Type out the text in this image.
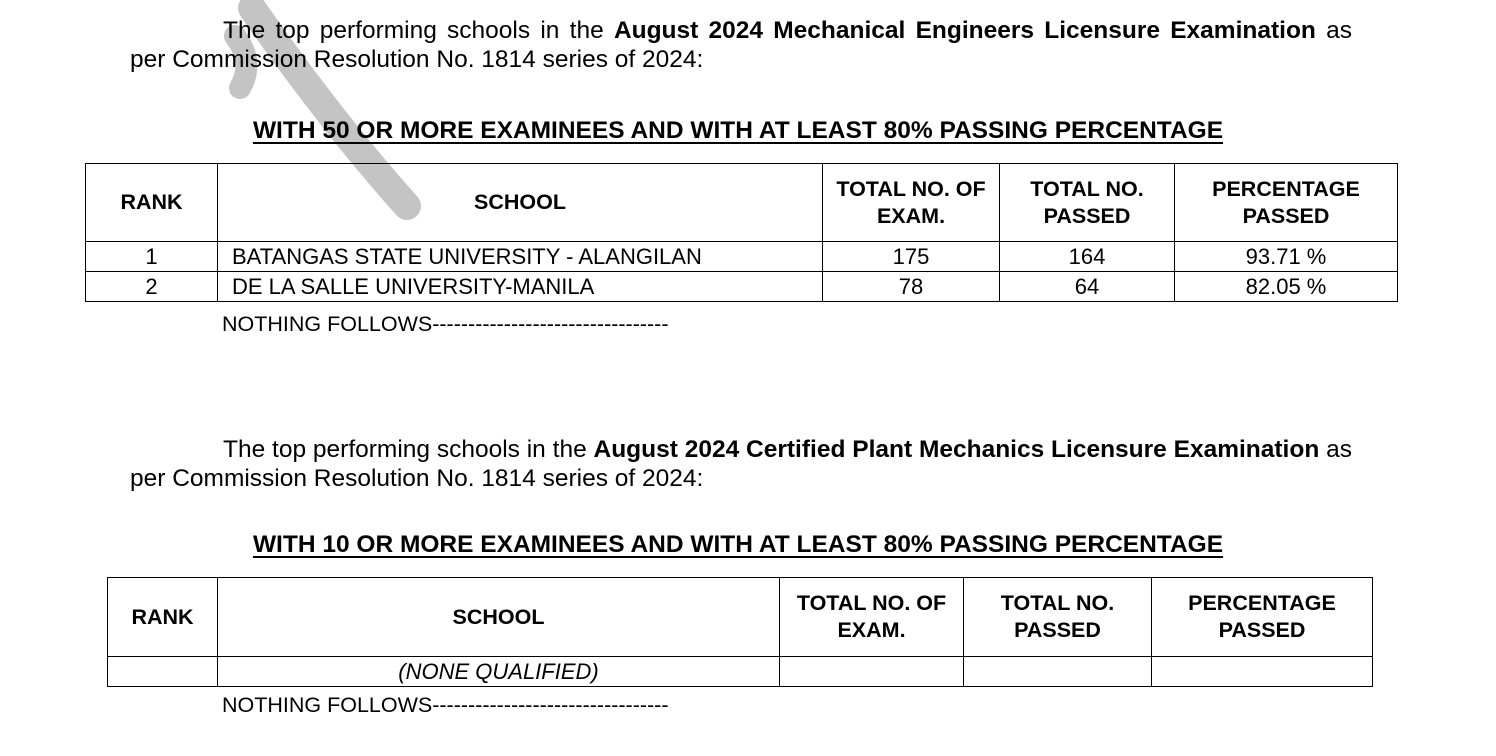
The top performing schools in the August 2024 Mechanical Engineers Licensure Examination as per Commission Resolution No. 1814 series of 2024:
WITH 50 OR MORE EXAMINEES AND WITH AT LEAST 80% PASSING PERCENTAGE
RANK	SCHOOL	TOTAL NO. OF EXAM.	TOTAL NO. PASSED	PERCENTAGE PASSED
1	BATANGAS STATE UNIVERSITY - ALANGILAN	175	164	93.71 %
2	DE LA SALLE UNIVERSITY-MANILA	78	64	82.05 %
NOTHING FOLLOWS---------------------------------
The top performing schools in the August 2024 Certified Plant Mechanics Licensure Examination as per Commission Resolution No. 1814 series of 2024:
WITH 10 OR MORE EXAMINEES AND WITH AT LEAST 80% PASSING PERCENTAGE
RANK	SCHOOL	TOTAL NO. OF EXAM.	TOTAL NO. PASSED	PERCENTAGE PASSED
	(NONE QUALIFIED)			
NOTHING FOLLOWS---------------------------------
